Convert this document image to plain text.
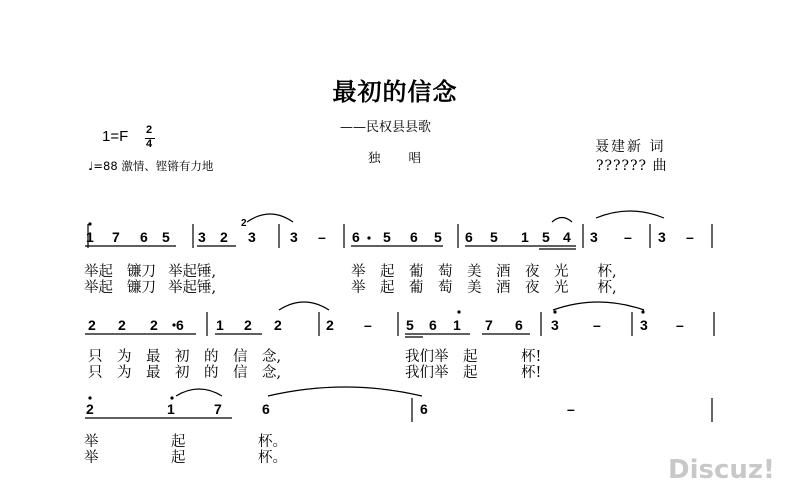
最初的信念
——民权县县歌
1=F 2
4
♩=88 激情、铿锵有力地
独 唱
聂建新 词
?????? 曲
1 7 6 5 3 2 3 3 – 6 5 6 5 6 5 1 5 4 3 – 3 –
2 2 2 6 1 2 2	2 – 5 6 1 7 6 3 –	3 –
2	1	7	6	6	–
2
举起 镰刀 举起锤,
举起 镰刀 举起锤,
举　 起　 葡　 萄　 美　 酒　 夜　 光　　 杯,
举　 起　 葡　 萄　 美　 酒　 夜　 光　　 杯,
只　 为　 最　 初　 的　 信　 念,
只　 为　 最　 初　 的　 信　 念,
我们举　 起　　　	杯!
我们举　 起　　　	杯!
举　　　　　	起　　　　　	杯。
举　　　　　	起　　　　　	杯。	Discuz!
